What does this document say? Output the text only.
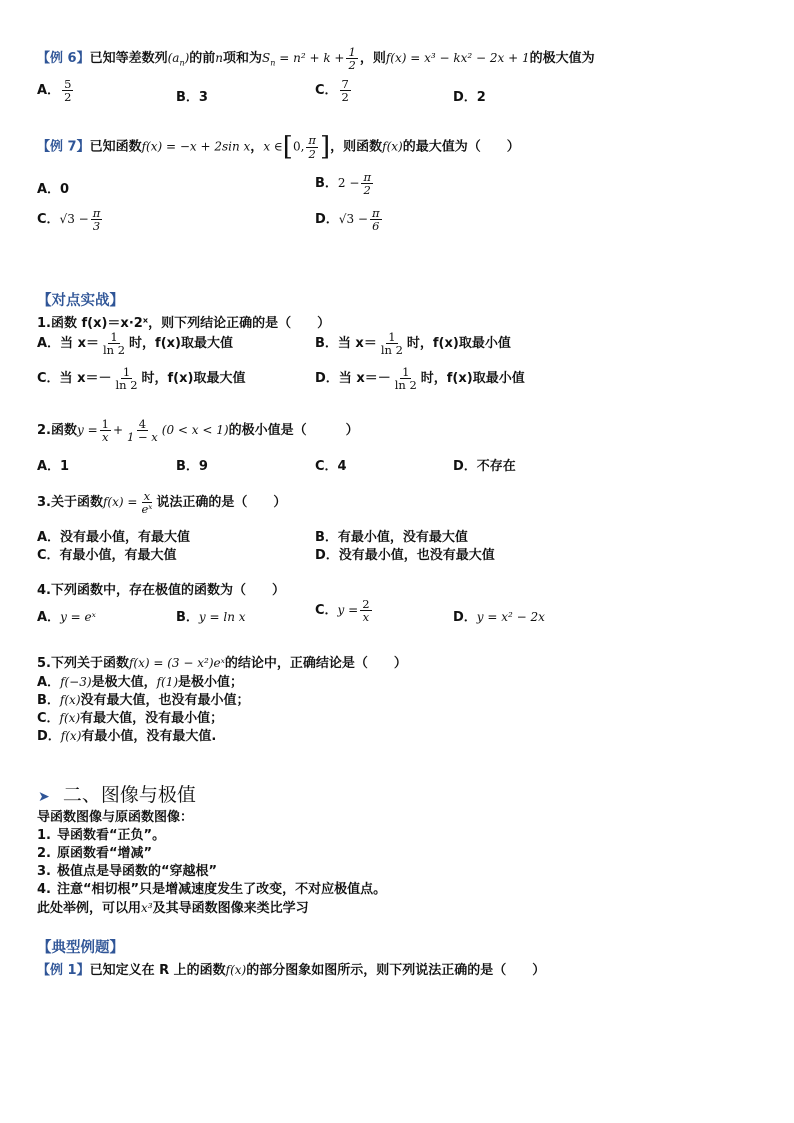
【例 6】已知等差数列$(a_n)$的前n项和为$S_n = n^2 + k + \frac{1}{2}$ ，则f(x) = x³ − kx² − 2x + 1的极大值为
A． $\frac{5}{2}$	B．3	C． $\frac{7}{2}$	D．2
【例 7】已知函数f(x) = −x + 2sin x，x ∈[0, $\frac{\pi}{2}$ ]，则函数f(x)的最大值为（　　）
A．0	B．$2 - \frac{\pi}{2}$
C．$√3 - \frac{\pi}{3}$	D．$√3 - \frac{\pi}{6}$
【对点实战】
1.函数 f(x)＝x·2ˣ，则下列结论正确的是（　　）
A．当 $x= \frac{1}{\ln 2}$ 时，f(x)取最大值	B．当 $x= \frac{1}{\ln 2}$ 时，f(x)取最小值
C．当 $x=- \frac{1}{\ln 2}$ 时，f(x)取最大值	D．当 $x=- \frac{1}{\ln 2}$ 时，f(x)取最小值
2.函数$y = \frac{1}{x} + \frac{4}{1 - x} (0 < x < 1)$的极小值是（　　　）
A．1	B．9	C．4	D．不存在
3.关于函数$f(x) = \frac{x}{\text{eˣ}}$ 说法正确的是（　　）
A．没有最小值，有最大值	B．有最小值，没有最大值
C．有最小值，有最大值	D．没有最小值，也没有最大值
4.下列函数中，存在极值的函数为（　　）
A．y = eˣ	B．y = ln x	C．$y = \frac{2}{x}$	D．y = x² − 2x
5.下列关于函数f(x) = (3 − x²)eˣ的结论中，正确结论是（　　）
A．f(−3)是极大值，f(1)是极小值；
B．f(x)没有最大值，也没有最小值；
C．f(x)有最大值，没有最小值；
D．f(x)有最小值，没有最大值.
➤ 二、图像与极值
导函数图像与原函数图像：
1. 导函数看“正负”。
2. 原函数看“增减”
3. 极值点是导函数的“穿越根”
4. 注意“相切根”只是增减速度发生了改变，不对应极值点。
此处举例，可以用x³及其导函数图像来类比学习
【典型例题】
【例 1】已知定义在 R 上的函数f(x)的部分图象如图所示，则下列说法正确的是（　　）
